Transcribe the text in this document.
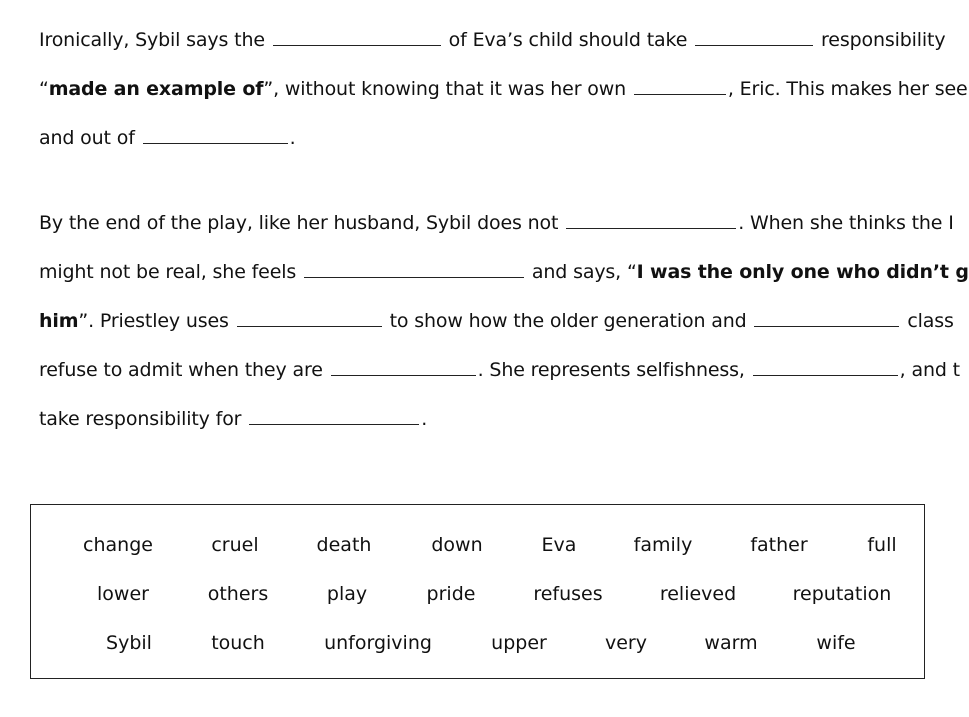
Ironically, Sybil says the	of Eva’s child should take	responsibility
“made an example of”, without knowing that it was her own	, Eric. This makes her see
and out of	.
By the end of the play, like her husband, Sybil does not	. When she thinks the I
might not be real, she feels	and says, “I was the only one who didn’t g
him”. Priestley uses	to show how the older generation and	class
refuse to admit when they are	. She represents selfishness,	, and t
take responsibility for	.
change	cruel	death	down	Eva	family	father	full
lower	others	play	pride	refuses	relieved	reputation
Sybil	touch	unforgiving	upper	very	warm	wife
